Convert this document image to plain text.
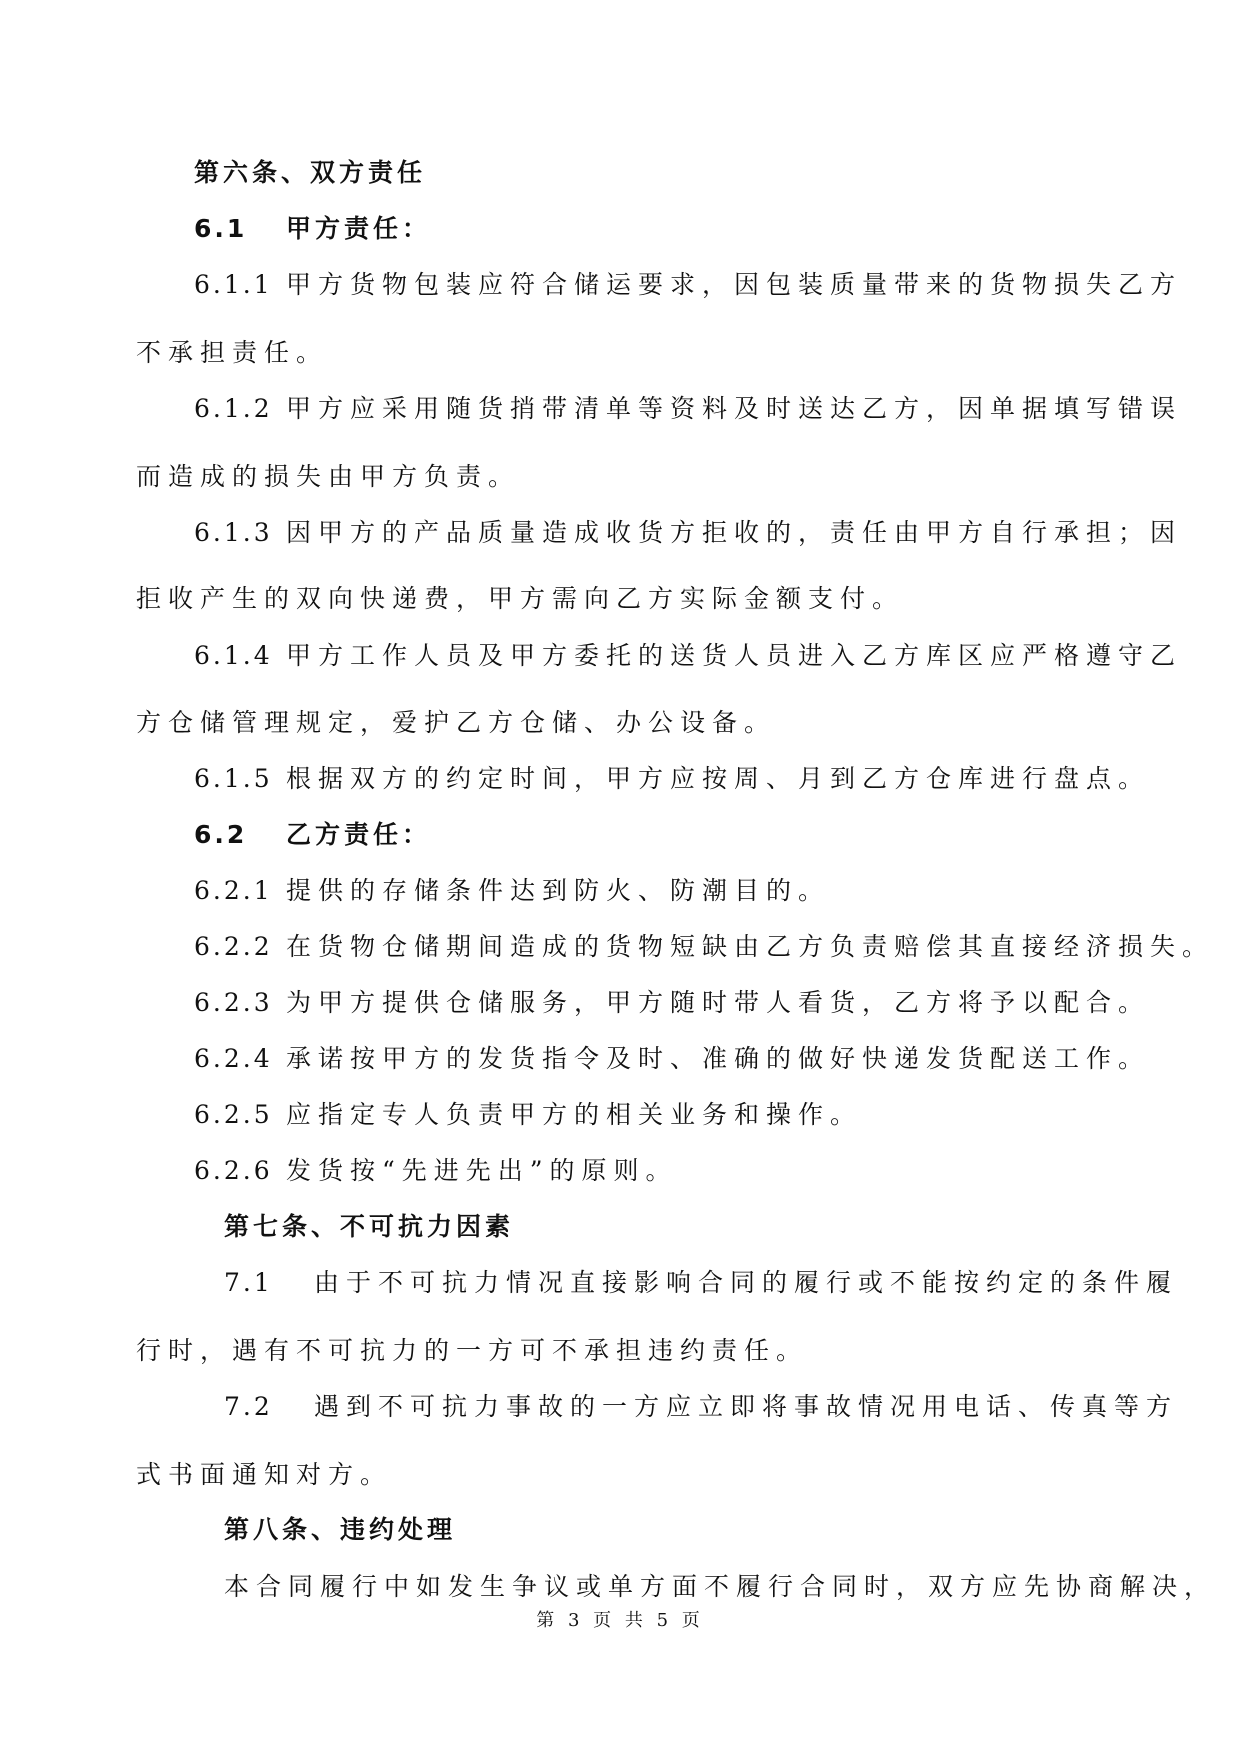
第六条、双方责任
6.1 甲方责任：
6.1.1 甲方货物包装应符合储运要求，因包装质量带来的货物损失乙方
不承担责任。
6.1.2 甲方应采用随货捎带清单等资料及时送达乙方，因单据填写错误
而造成的损失由甲方负责。
6.1.3 因甲方的产品质量造成收货方拒收的，责任由甲方自行承担；因
拒收产生的双向快递费，甲方需向乙方实际金额支付。
6.1.4 甲方工作人员及甲方委托的送货人员进入乙方库区应严格遵守乙
方仓储管理规定，爱护乙方仓储、办公设备。
6.1.5 根据双方的约定时间，甲方应按周、月到乙方仓库进行盘点。
6.2 乙方责任：
6.2.1 提供的存储条件达到防火、防潮目的。
6.2.2 在货物仓储期间造成的货物短缺由乙方负责赔偿其直接经济损失。
6.2.3 为甲方提供仓储服务，甲方随时带人看货，乙方将予以配合。
6.2.4 承诺按甲方的发货指令及时、准确的做好快递发货配送工作。
6.2.5 应指定专人负责甲方的相关业务和操作。
6.2.6 发货按“先进先出”的原则。
第七条、不可抗力因素
7.1 由于不可抗力情况直接影响合同的履行或不能按约定的条件履
行时，遇有不可抗力的一方可不承担违约责任。
7.2 遇到不可抗力事故的一方应立即将事故情况用电话、传真等方
式书面通知对方。
第八条、违约处理
本合同履行中如发生争议或单方面不履行合同时，双方应先协商解决，
第 3 页 共 5 页
